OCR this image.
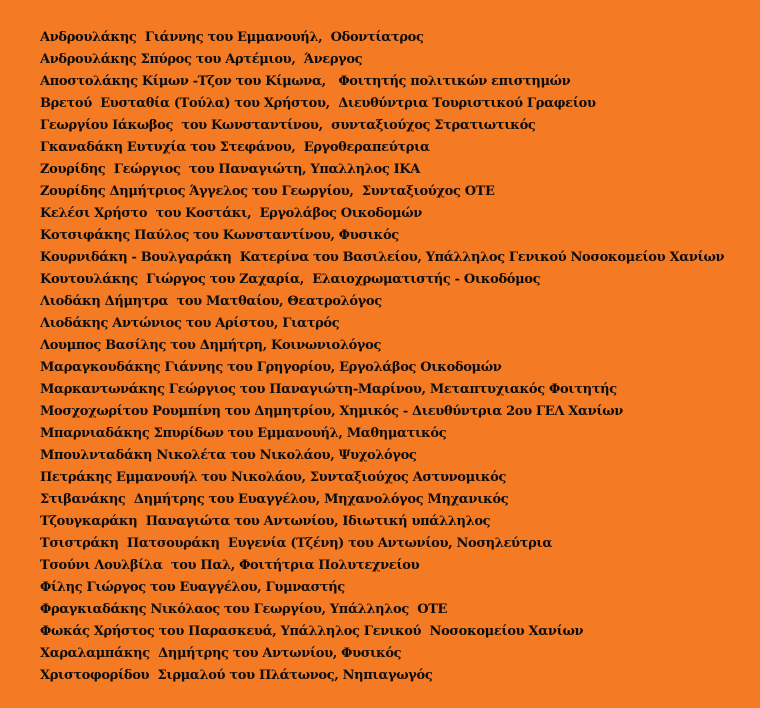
Ανδρουλάκης  Γιάννης του Εμμανουήλ,  Οδοντίατρος
Ανδρουλάκης Σπύρος του Αρτέμιου,  Άνεργος
Αποστολάκης Κίμων -Τζον του Κίμωνα,   Φοιτητής πολιτικών επιστημών
Βρετού  Ευσταθία (Τούλα) του Χρήστου,  Διευθύντρια Τουριστικού Γραφείου
Γεωργίου Ιάκωβος  του Κωνσταντίνου,  συνταξιούχος Στρατιωτικός
Γκαναδάκη Ευτυχία του Στεφάνου,  Εργοθεραπεύτρια
Ζουρίδης  Γεώργιος  του Παναγιώτη, Υπαλληλος ΙΚΑ
Ζουρίδης Δημήτριος Άγγελος του Γεωργίου,  Συνταξιούχος ΟΤΕ
Κελέσι Χρήστο  του Κοστάκι,  Εργολάβος Οικοδομών
Κοτσιφάκης Παύλος του Κωνσταντίνου, Φυσικός
Κουρνιδάκη - Βουλγαράκη  Κατερίνα του Βασιλείου, Υπάλληλος Γενικού Νοσοκομείου Χανίων
Κουτουλάκης  Γιώργος του Ζαχαρία,  Ελαιοχρωματιστής - Οικοδόμος
Λιοδάκη Δήμητρα  του Ματθαίου, Θεατρολόγος
Λιοδάκης Αντώνιος του Αρίστου, Γιατρός
Λουμπος Βασίλης του Δημήτρη, Κοινωνιολόγος
Μαραγκουδάκης Γιάννης του Γρηγορίου, Εργολάβος Οικοδομών
Μαρκαντωνάκης Γεώργιος του Παναγιώτη-Μαρίνου, Μεταπτυχιακός Φοιτητής
Μοσχοχωρίτου Ρουμπίνη του Δημητρίου, Χημικός - Διευθύντρια 2ου ΓΕΛ Χανίων
Μπαρνιαδάκης Σπυρίδων του Εμμανουήλ, Μαθηματικός
Μπουλνταδάκη Νικολέτα του Νικολάου, Ψυχολόγος
Πετράκης Εμμανουήλ του Νικολάου, Συνταξιούχος Αστυνομικός
Στιβανάκης  Δημήτρης του Ευαγγέλου, Μηχανολόγος Μηχανικός
Τζουγκαράκη  Παναγιώτα του Αντωνίου, Ιδιωτική υπάλληλος
Τσιστράκη  Πατσουράκη  Ευγενία (Τζένη) του Αντωνίου, Νοσηλεύτρια
Τσούνι Λουλβίλα  του Παλ, Φοιτήτρια Πολυτεχνείου
Φίλης Γιώργος του Ευαγγέλου, Γυμναστής
Φραγκιαδάκης Νικόλαος του Γεωργίου, Υπάλληλος  ΟΤΕ
Φωκάς Χρήστος του Παρασκευά, Υπάλληλος Γενικού  Νοσοκομείου Χανίων
Χαραλαμπάκης  Δημήτρης του Αντωνίου, Φυσικός
Χριστοφορίδου  Σιρμαλού του Πλάτωνος, Νηπιαγωγός
